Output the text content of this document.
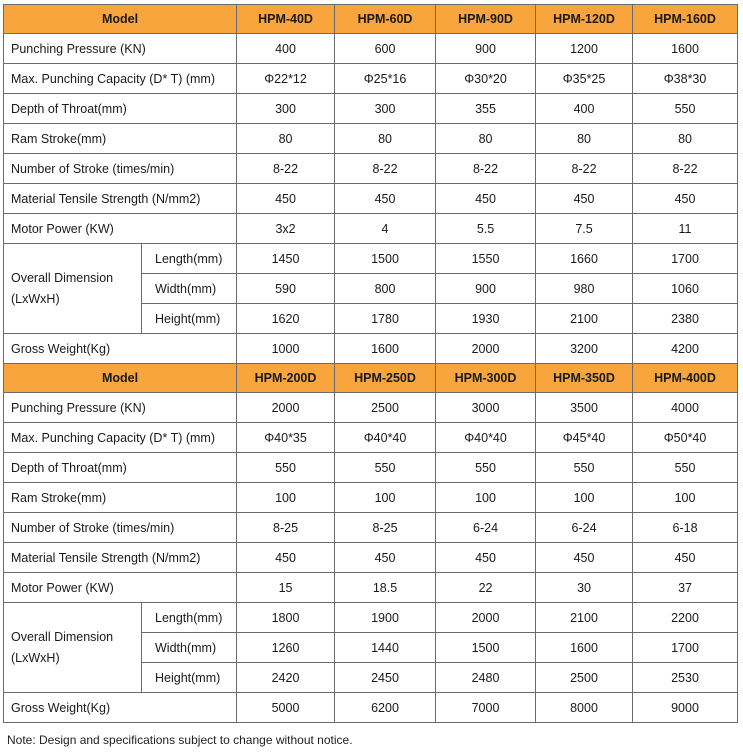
Model		HPM-40D	HPM-60D	HPM-90D	HPM-120D	HPM-160D
Punching Pressure (KN)		400	600	900	1200	1600
Max. Punching Capacity (D* T) (mm)		Φ22*12	Φ25*16	Φ30*20	Φ35*25	Φ38*30
Depth of Throat(mm)		300	300	355	400	550
Ram Stroke(mm)		80	80	80	80	80
Number of Stroke (times/min)		8-22	8-22	8-22	8-22	8-22
Material Tensile Strength (N/mm2)		450	450	450	450	450
Motor Power (KW)		3x2	4	5.5	7.5	11

Overall Dimension
(LxWxH)	Length(mm)	1450	1500	1550	1660	1700
	Width(mm)	590	800	900	980	1060
	Height(mm)	1620	1780	1930	2100	2380
Gross Weight(Kg)		1000	1600	2000	3200	4200
Model		HPM-200D	HPM-250D	HPM-300D	HPM-350D	HPM-400D
Punching Pressure (KN)		2000	2500	3000	3500	4000
Max. Punching Capacity (D* T) (mm)		Φ40*35	Φ40*40	Φ40*40	Φ45*40	Φ50*40
Depth of Throat(mm)		550	550	550	550	550
Ram Stroke(mm)		100	100	100	100	100
Number of Stroke (times/min)		8-25	8-25	6-24	6-24	6-18
Material Tensile Strength (N/mm2)		450	450	450	450	450
Motor Power (KW)		15	18.5	22	30	37

Overall Dimension
(LxWxH)	Length(mm)	1800	1900	2000	2100	2200
	Width(mm)	1260	1440	1500	1600	1700
	Height(mm)	2420	2450	2480	2500	2530
Gross Weight(Kg)		5000	6200	7000	8000	9000
Note: Design and specifications subject to change without notice.
